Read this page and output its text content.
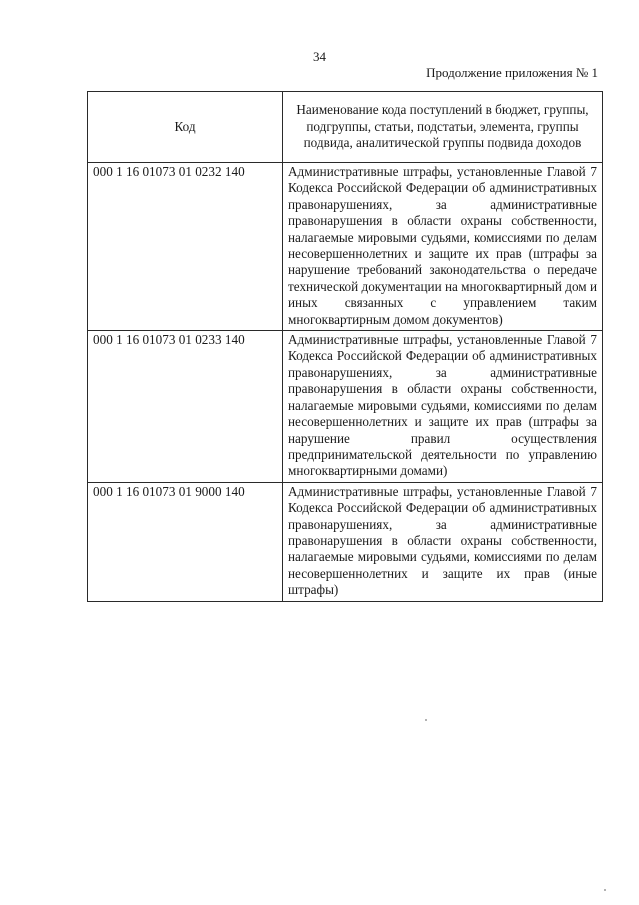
34
Продолжение приложения № 1
Код	Наименование кода поступлений в бюджет, группы, подгруппы, статьи, подстатьи, элемента, группы подвида, аналитической группы подвида доходов
000 1 16 01073 01 0232 140	Административные штрафы, установленные Главой 7 Кодекса Российской Федерации об административных правонарушениях, за административные правонарушения в области охраны собственности, налагаемые мировыми судьями, комиссиями по делам несовершеннолетних и защите их прав (штрафы за нарушение требований законодательства о передаче технической документации на многоквартирный дом и иных связанных с управлением таким многоквартирным домом документов)
000 1 16 01073 01 0233 140	Административные штрафы, установленные Главой 7 Кодекса Российской Федерации об административных правонарушениях, за административные правонарушения в области охраны собственности, налагаемые мировыми судьями, комиссиями по делам несовершеннолетних и защите их прав (штрафы за нарушение правил осуществления предпринимательской деятельности по управлению многоквартирными домами)
000 1 16 01073 01 9000 140	Административные штрафы, установленные Главой 7 Кодекса Российской Федерации об административных правонарушениях, за административные правонарушения в области охраны собственности, налагаемые мировыми судьями, комиссиями по делам несовершеннолетних и защите их прав (иные штрафы)
